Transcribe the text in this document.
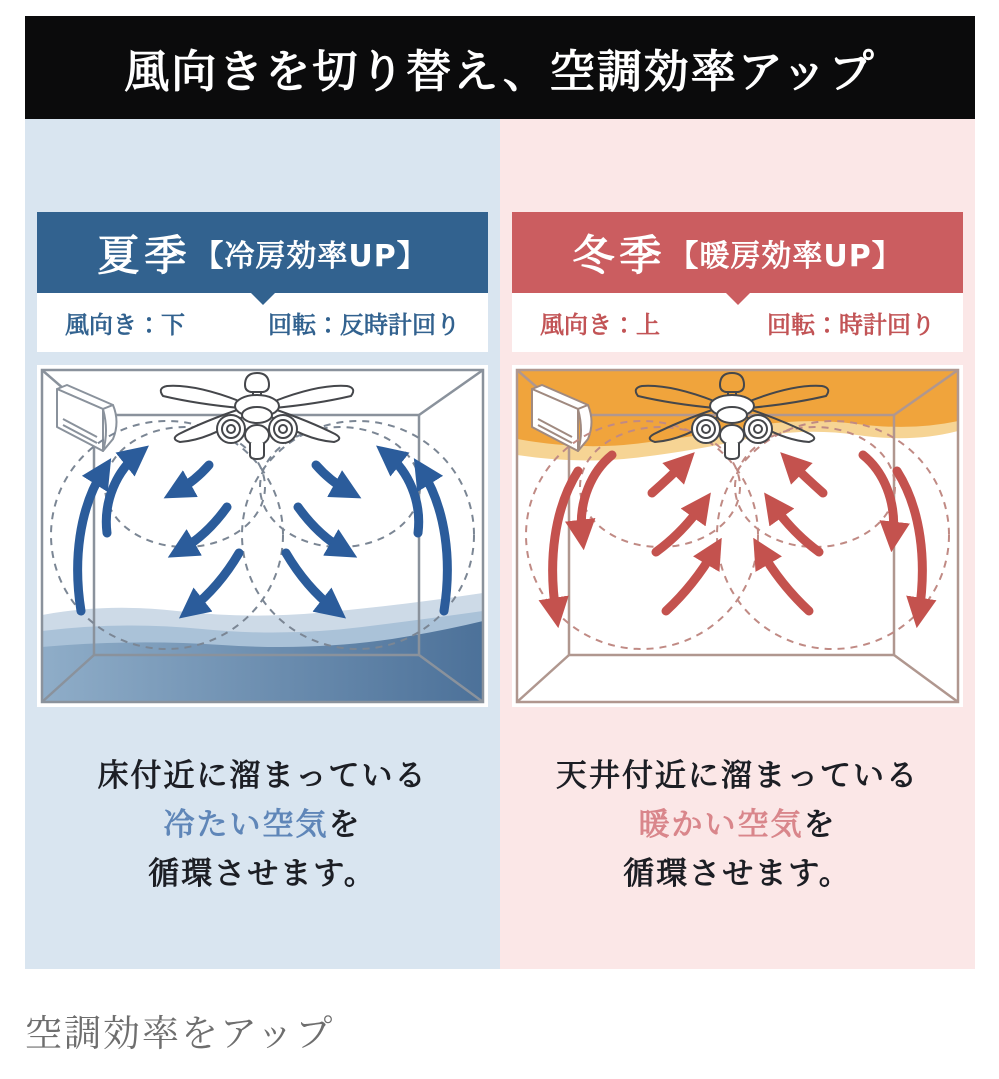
風向きを切り替え、空調効率アップ
夏季 【冷房効率UP】
風向き：下	回転：反時計回り
床付近に溜まっている
冷たい空気を
循環させます。
冬季 【暖房効率UP】
風向き：上	回転：時計回り
天井付近に溜まっている
暖かい空気を
循環させます。
空調効率をアップ
